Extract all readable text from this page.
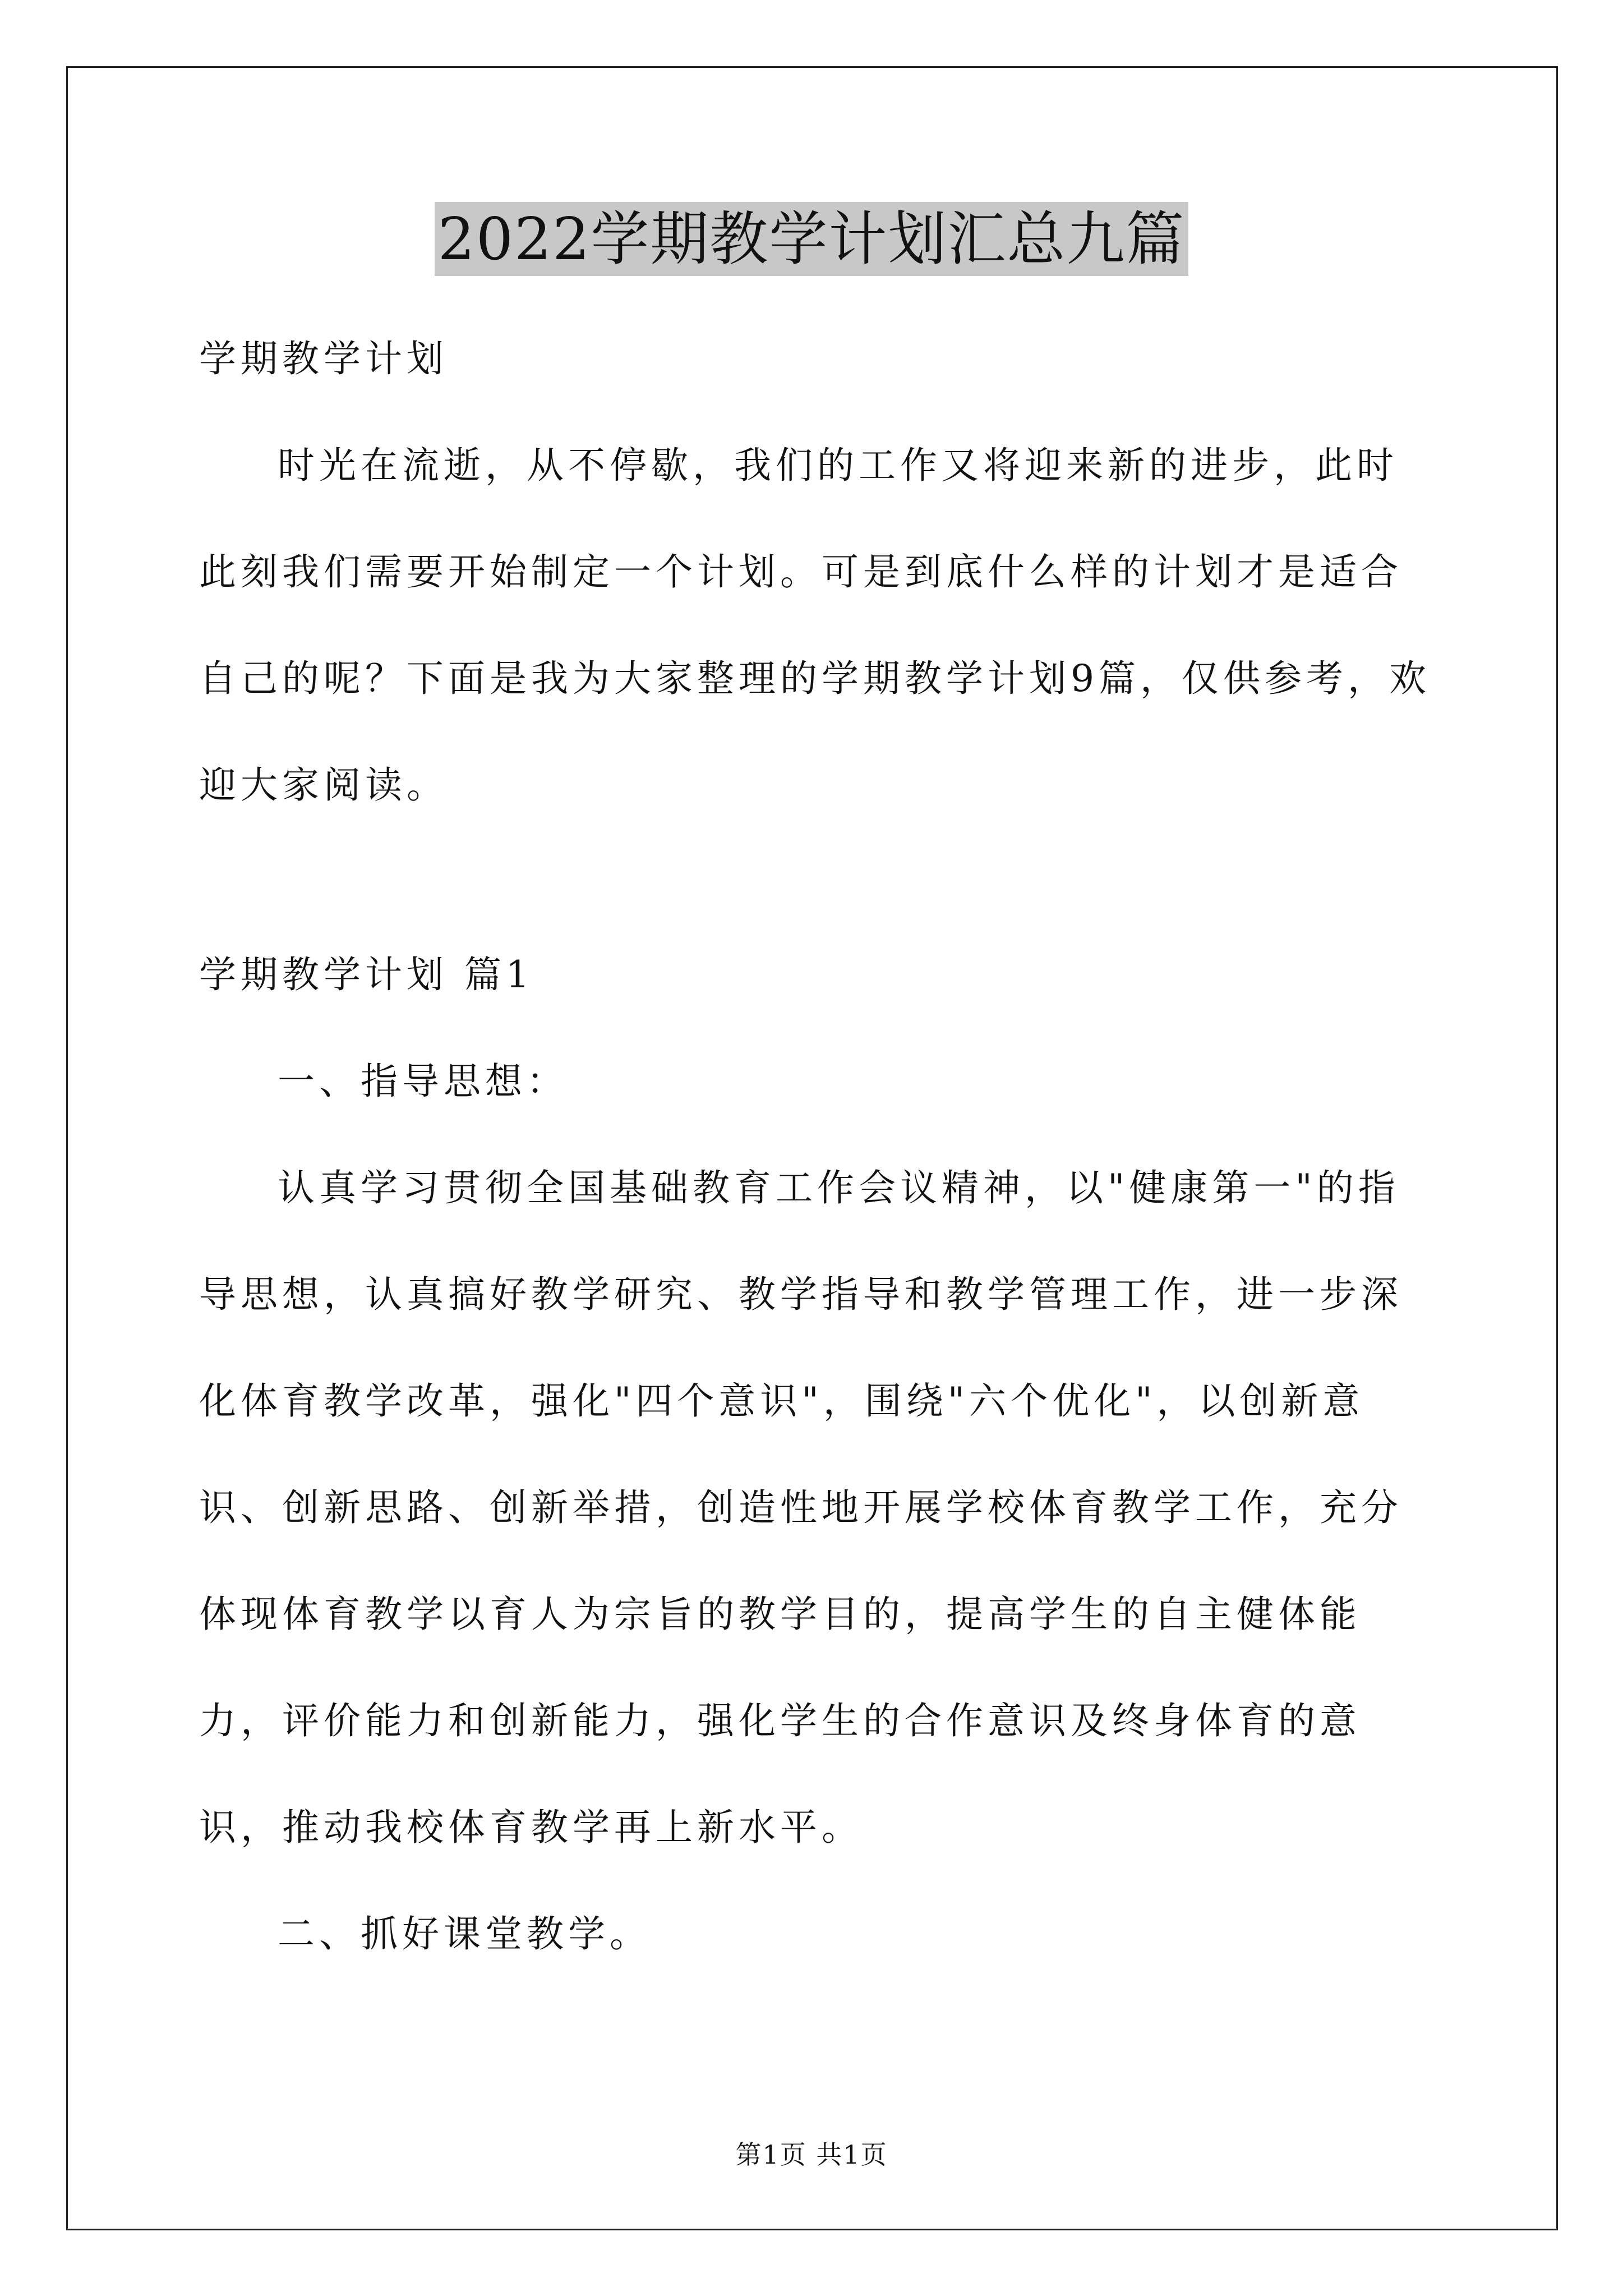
2022学期教学计划汇总九篇

学期教学计划

时光在流逝，从不停歇，我们的工作又将迎来新的进步，此时此刻我们需要开始制定一个计划。可是到底什么样的计划才是适合自己的呢？下面是我为大家整理的学期教学计划9篇，仅供参考，欢迎大家阅读。

学期教学计划 篇1

一、指导思想：

认真学习贯彻全国基础教育工作会议精神，以"健康第一"的指导思想，认真搞好教学研究、教学指导和教学管理工作，进一步深化体育教学改革，强化"四个意识"，围绕"六个优化"，以创新意识、创新思路、创新举措，创造性地开展学校体育教学工作，充分体现体育教学以育人为宗旨的教学目的，提高学生的自主健体能力，评价能力和创新能力，强化学生的合作意识及终身体育的意识，推动我校体育教学再上新水平。

二、抓好课堂教学。

第1页 共1页
